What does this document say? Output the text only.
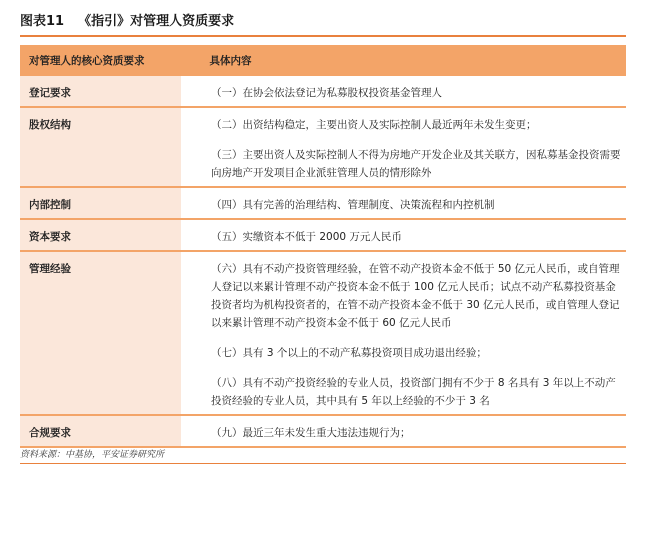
图表11 《指引》对管理人资质要求
对管理人的核心资质要求	具体内容
登记要求	（一）在协会依法登记为私募股权投资基金管理人

股权结构	（二）出资结构稳定，主要出资人及实际控制人最近两年未发生变更；

（三）主要出资人及实际控制人不得为房地产开发企业及其关联方，因私募基金投资需要向房地产开发项目企业派驻管理人员的情形除外

内部控制	（四）具有完善的治理结构、管理制度、决策流程和内控机制

资本要求	（五）实缴资本不低于 2000 万元人民币

管理经验	（六）具有不动产投资管理经验，在管不动产投资本金不低于 50 亿元人民币，或自管理人登记以来累计管理不动产投资本金不低于 100 亿元人民币；试点不动产私募投资基金投资者均为机构投资者的，在管不动产投资本金不低于 30 亿元人民币，或自管理人登记以来累计管理不动产投资本金不低于 60 亿元人民币

（七）具有 3 个以上的不动产私募投资项目成功退出经验；

（八）具有不动产投资经验的专业人员，投资部门拥有不少于 8 名具有 3 年以上不动产投资经验的专业人员，其中具有 5 年以上经验的不少于 3 名

合规要求	（九）最近三年未发生重大违法违规行为；

资料来源：中基协，平安证券研究所
